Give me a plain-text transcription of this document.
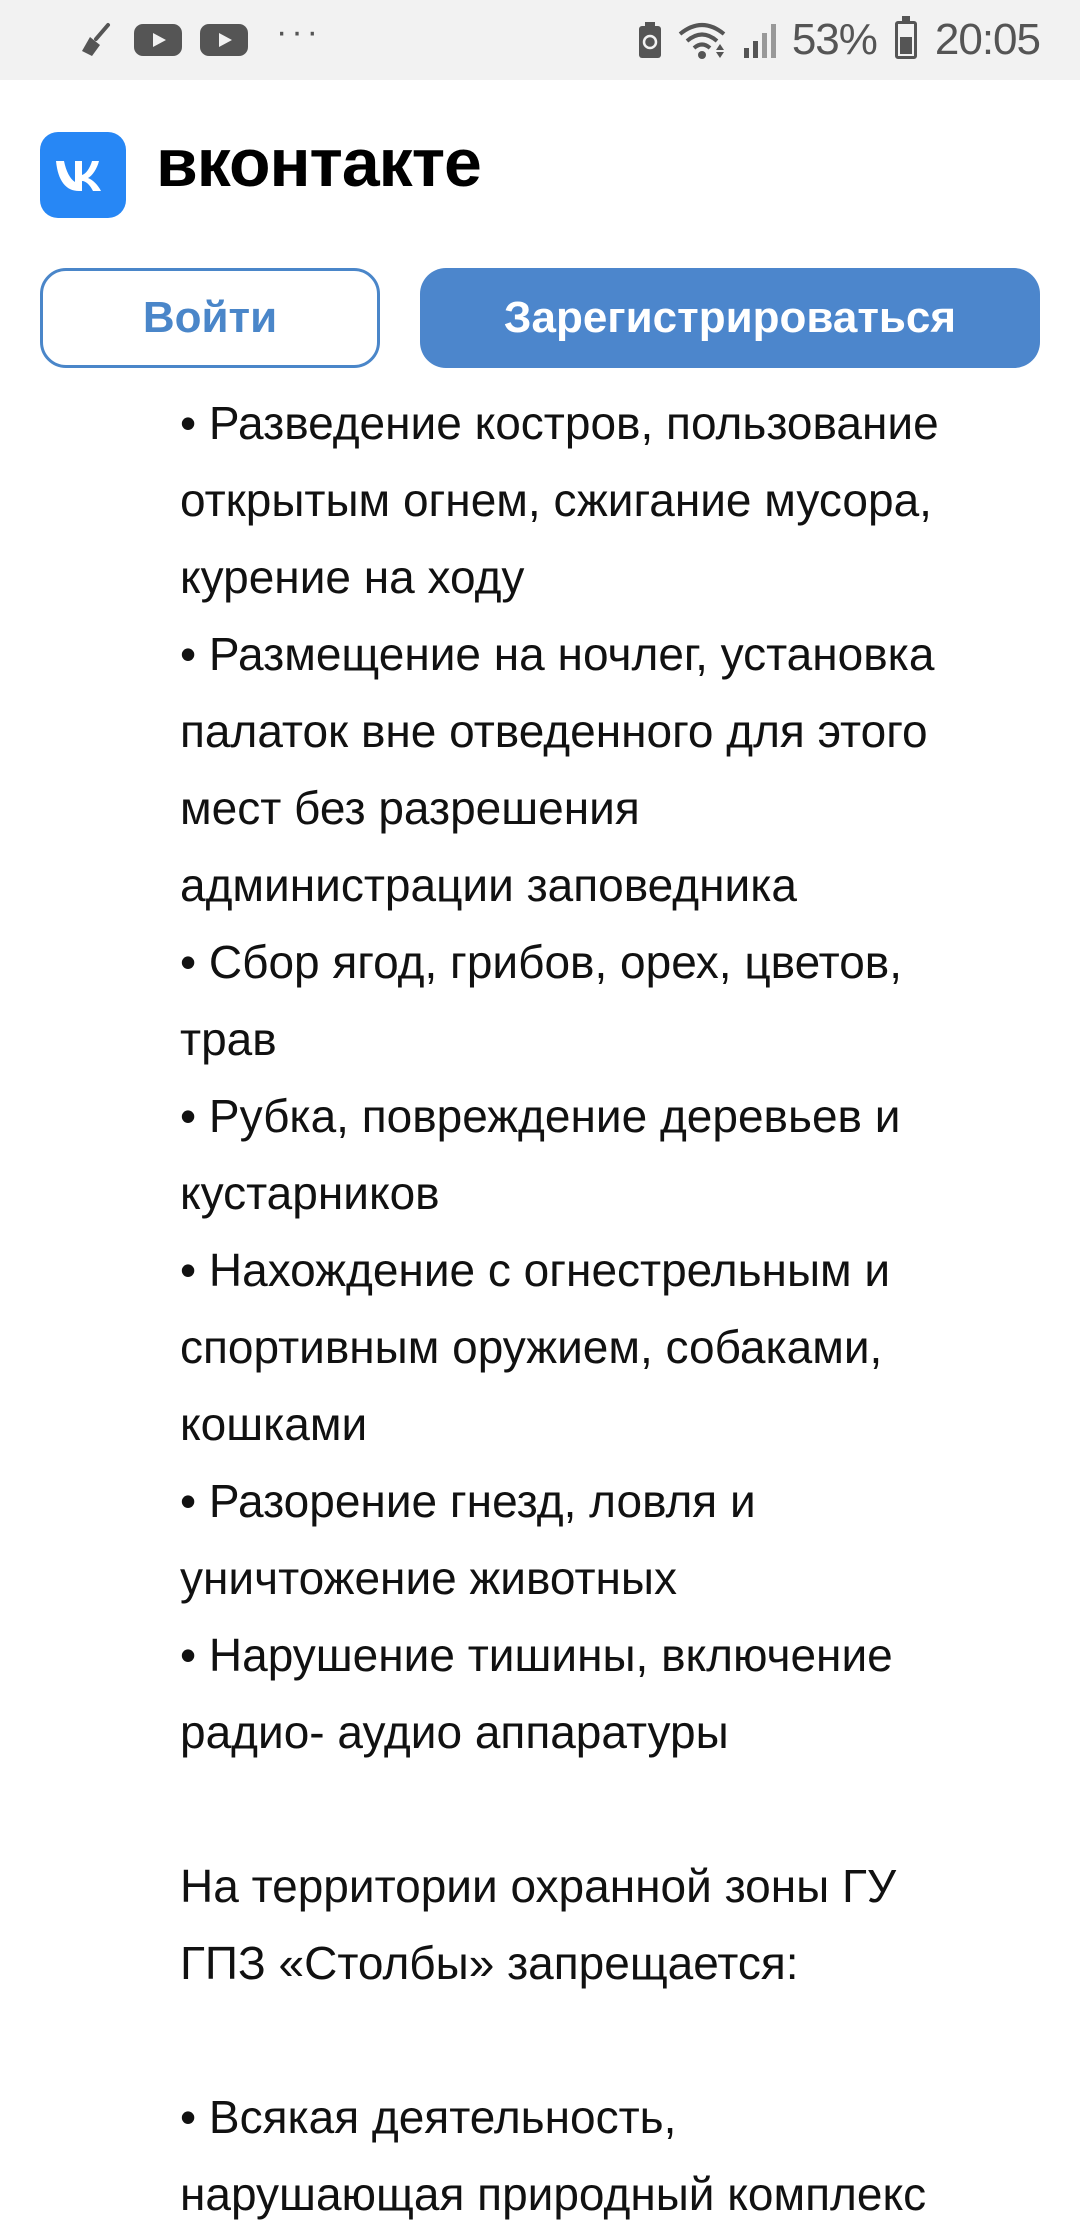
···	53% 20:05
вконтакте
Войти	Зарегистрироваться

• Разведение костров, пользование

открытым огнем, сжигание мусора,

курение на ходу

• Размещение на ночлег, установка

палаток вне отведенного для этого

мест без разрешения

администрации заповедника

• Сбор ягод, грибов, орех, цветов,

трав

• Рубка, повреждение деревьев и

кустарников

• Нахождение с огнестрельным и

спортивным оружием, собаками,

кошками

• Разорение гнезд, ловля и

уничтожение животных

• Нарушение тишины, включение

радио- аудио аппаратуры

На территории охранной зоны ГУ

ГПЗ «Столбы» запрещается:

• Всякая деятельность,

нарушающая природный комплекс
